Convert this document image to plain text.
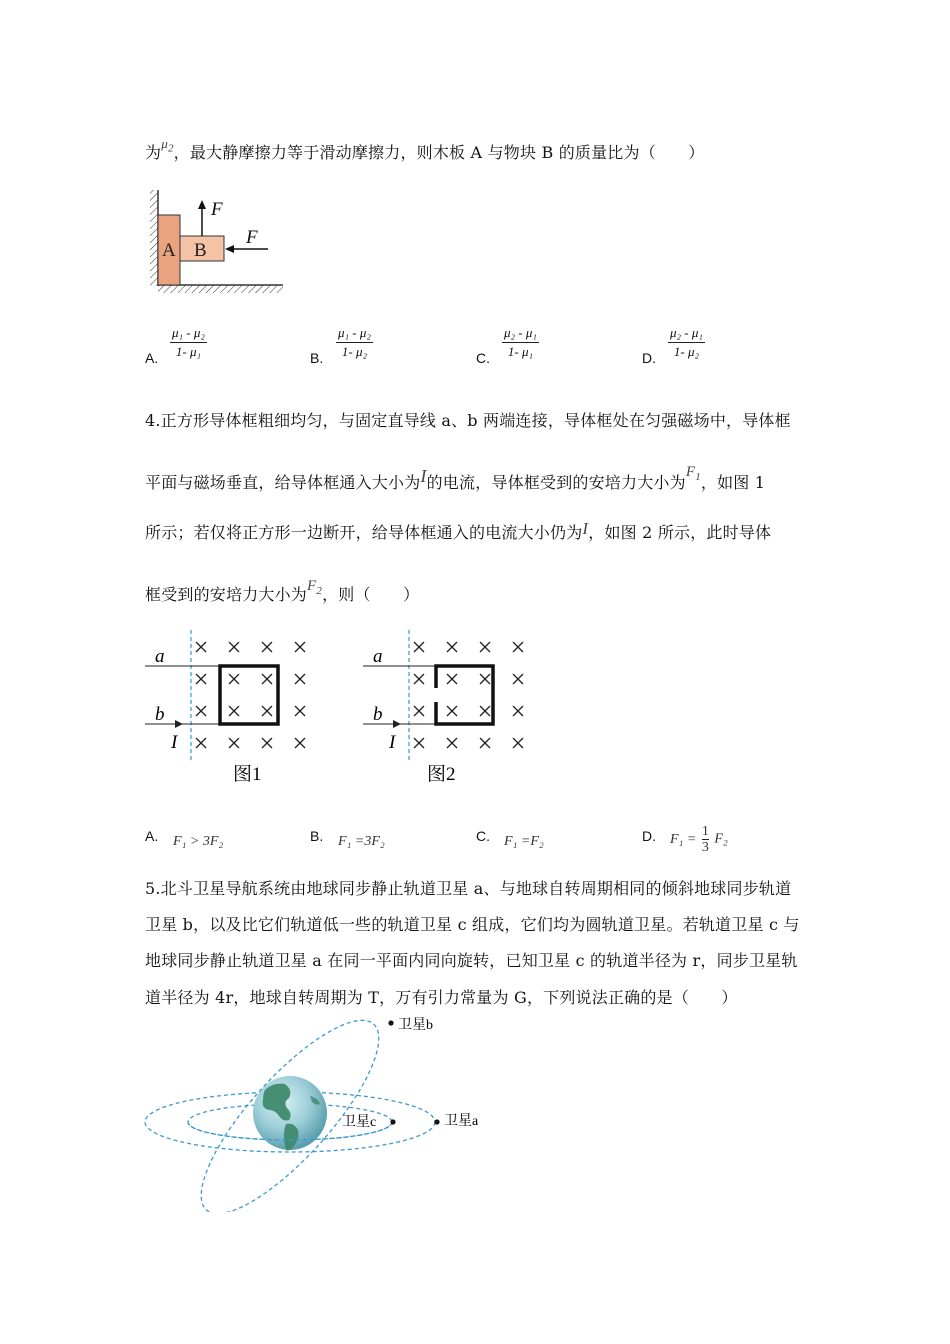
为$^{\mu_2}$，最大静摩擦力等于滑动摩擦力，则木板 A 与物块 B 的质量比为（　　）
A B
F
F
A. $\frac{\text{μ₁ - μ₂}}{\text{1- μ₁}}$	B. $\frac{\text{μ₁ - μ₂}}{\text{1- μ₂}}$	C. $\frac{\text{μ₂ - μ₁}}{\text{1- μ₁}}$	D. $\frac{\text{μ₂ - μ₁}}{\text{1- μ₂}}$
4.正方形导体框粗细均匀，与固定直导线 a、b 两端连接，导体框处在匀强磁场中，导体框
平面与磁场垂直，给导体框通入大小为I的电流，导体框受到的安培力大小为$F_1$，如图 1
所示；若仅将正方形一边断开，给导体框通入的电流大小仍为I，如图 2 所示，此时导体
框受到的安培力大小为$F_2$，则（　　）
a
b
I
图1
a
b
I
图2
A. F₁ > 3F₂	B. F₁ =3F₂	C. F₁ =F₂	D. $F_1 = \frac{1}{3} F_2$
5.北斗卫星导航系统由地球同步静止轨道卫星 a、与地球自转周期相同的倾斜地球同步轨道
卫星 b，以及比它们轨道低一些的轨道卫星 c 组成，它们均为圆轨道卫星。若轨道卫星 c 与
地球同步静止轨道卫星 a 在同一平面内同向旋转，已知卫星 c 的轨道半径为 r，同步卫星轨
道半径为 4r，地球自转周期为 T，万有引力常量为 G，下列说法正确的是（　　）
卫星b
卫星a
卫星c
